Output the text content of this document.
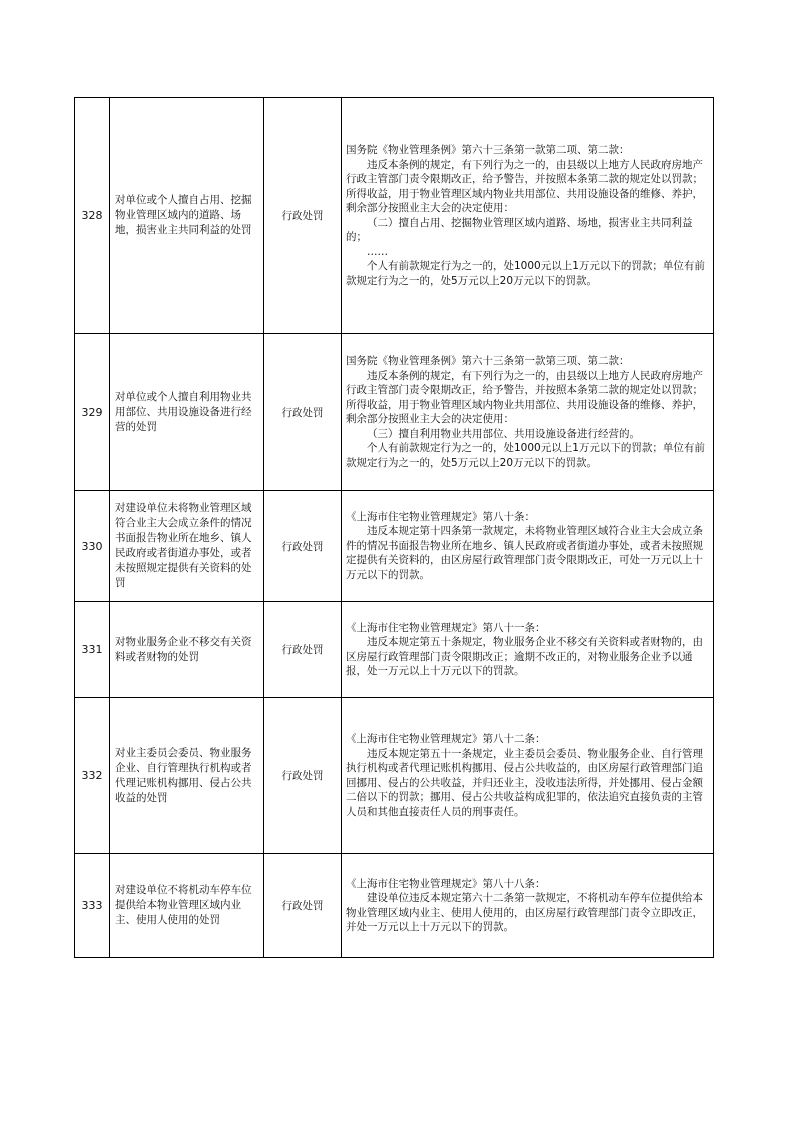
328	对单位或个人擅自占用、挖掘物业管理区域内的道路、场地，损害业主共同利益的处罚	行政处罚	国务院《物业管理条例》第六十三条第一款第二项、第二款：
违反本条例的规定，有下列行为之一的，由县级以上地方人民政府房地产行政主管部门责令限期改正，给予警告，并按照本条第二款的规定处以罚款；所得收益，用于物业管理区域内物业共用部位、共用设施设备的维修、养护，剩余部分按照业主大会的决定使用：
（二）擅自占用、挖掘物业管理区域内道路、场地，损害业主共同利益的；
……
个人有前款规定行为之一的，处1000元以上1万元以下的罚款；单位有前款规定行为之一的，处5万元以上20万元以下的罚款。

329	对单位或个人擅自利用物业共用部位、共用设施设备进行经营的处罚	行政处罚	国务院《物业管理条例》第六十三条第一款第三项、第二款：
违反本条例的规定，有下列行为之一的，由县级以上地方人民政府房地产行政主管部门责令限期改正，给予警告，并按照本条第二款的规定处以罚款；所得收益，用于物业管理区域内物业共用部位、共用设施设备的维修、养护，剩余部分按照业主大会的决定使用：
（三）擅自利用物业共用部位、共用设施设备进行经营的。
个人有前款规定行为之一的，处1000元以上1万元以下的罚款；单位有前款规定行为之一的，处5万元以上20万元以下的罚款。

330	对建设单位未将物业管理区域符合业主大会成立条件的情况书面报告物业所在地乡、镇人民政府或者街道办事处，或者未按照规定提供有关资料的处罚	行政处罚	《上海市住宅物业管理规定》第八十条：
违反本规定第十四条第一款规定，未将物业管理区域符合业主大会成立条件的情况书面报告物业所在地乡、镇人民政府或者街道办事处，或者未按照规定提供有关资料的，由区房屋行政管理部门责令限期改正，可处一万元以上十万元以下的罚款。

331	对物业服务企业不移交有关资料或者财物的处罚	行政处罚	《上海市住宅物业管理规定》第八十一条：
违反本规定第五十条规定，物业服务企业不移交有关资料或者财物的，由区房屋行政管理部门责令限期改正；逾期不改正的，对物业服务企业予以通报，处一万元以上十万元以下的罚款。

332	对业主委员会委员、物业服务企业、自行管理执行机构或者代理记账机构挪用、侵占公共收益的处罚	行政处罚	《上海市住宅物业管理规定》第八十二条：
违反本规定第五十一条规定，业主委员会委员、物业服务企业、自行管理执行机构或者代理记账机构挪用、侵占公共收益的，由区房屋行政管理部门追回挪用、侵占的公共收益，并归还业主，没收违法所得，并处挪用、侵占金额二倍以下的罚款；挪用、侵占公共收益构成犯罪的，依法追究直接负责的主管人员和其他直接责任人员的刑事责任。

333	对建设单位不将机动车停车位提供给本物业管理区域内业主、使用人使用的处罚	行政处罚	《上海市住宅物业管理规定》第八十八条：
建设单位违反本规定第六十二条第一款规定，不将机动车停车位提供给本物业管理区域内业主、使用人使用的，由区房屋行政管理部门责令立即改正，并处一万元以上十万元以下的罚款。
